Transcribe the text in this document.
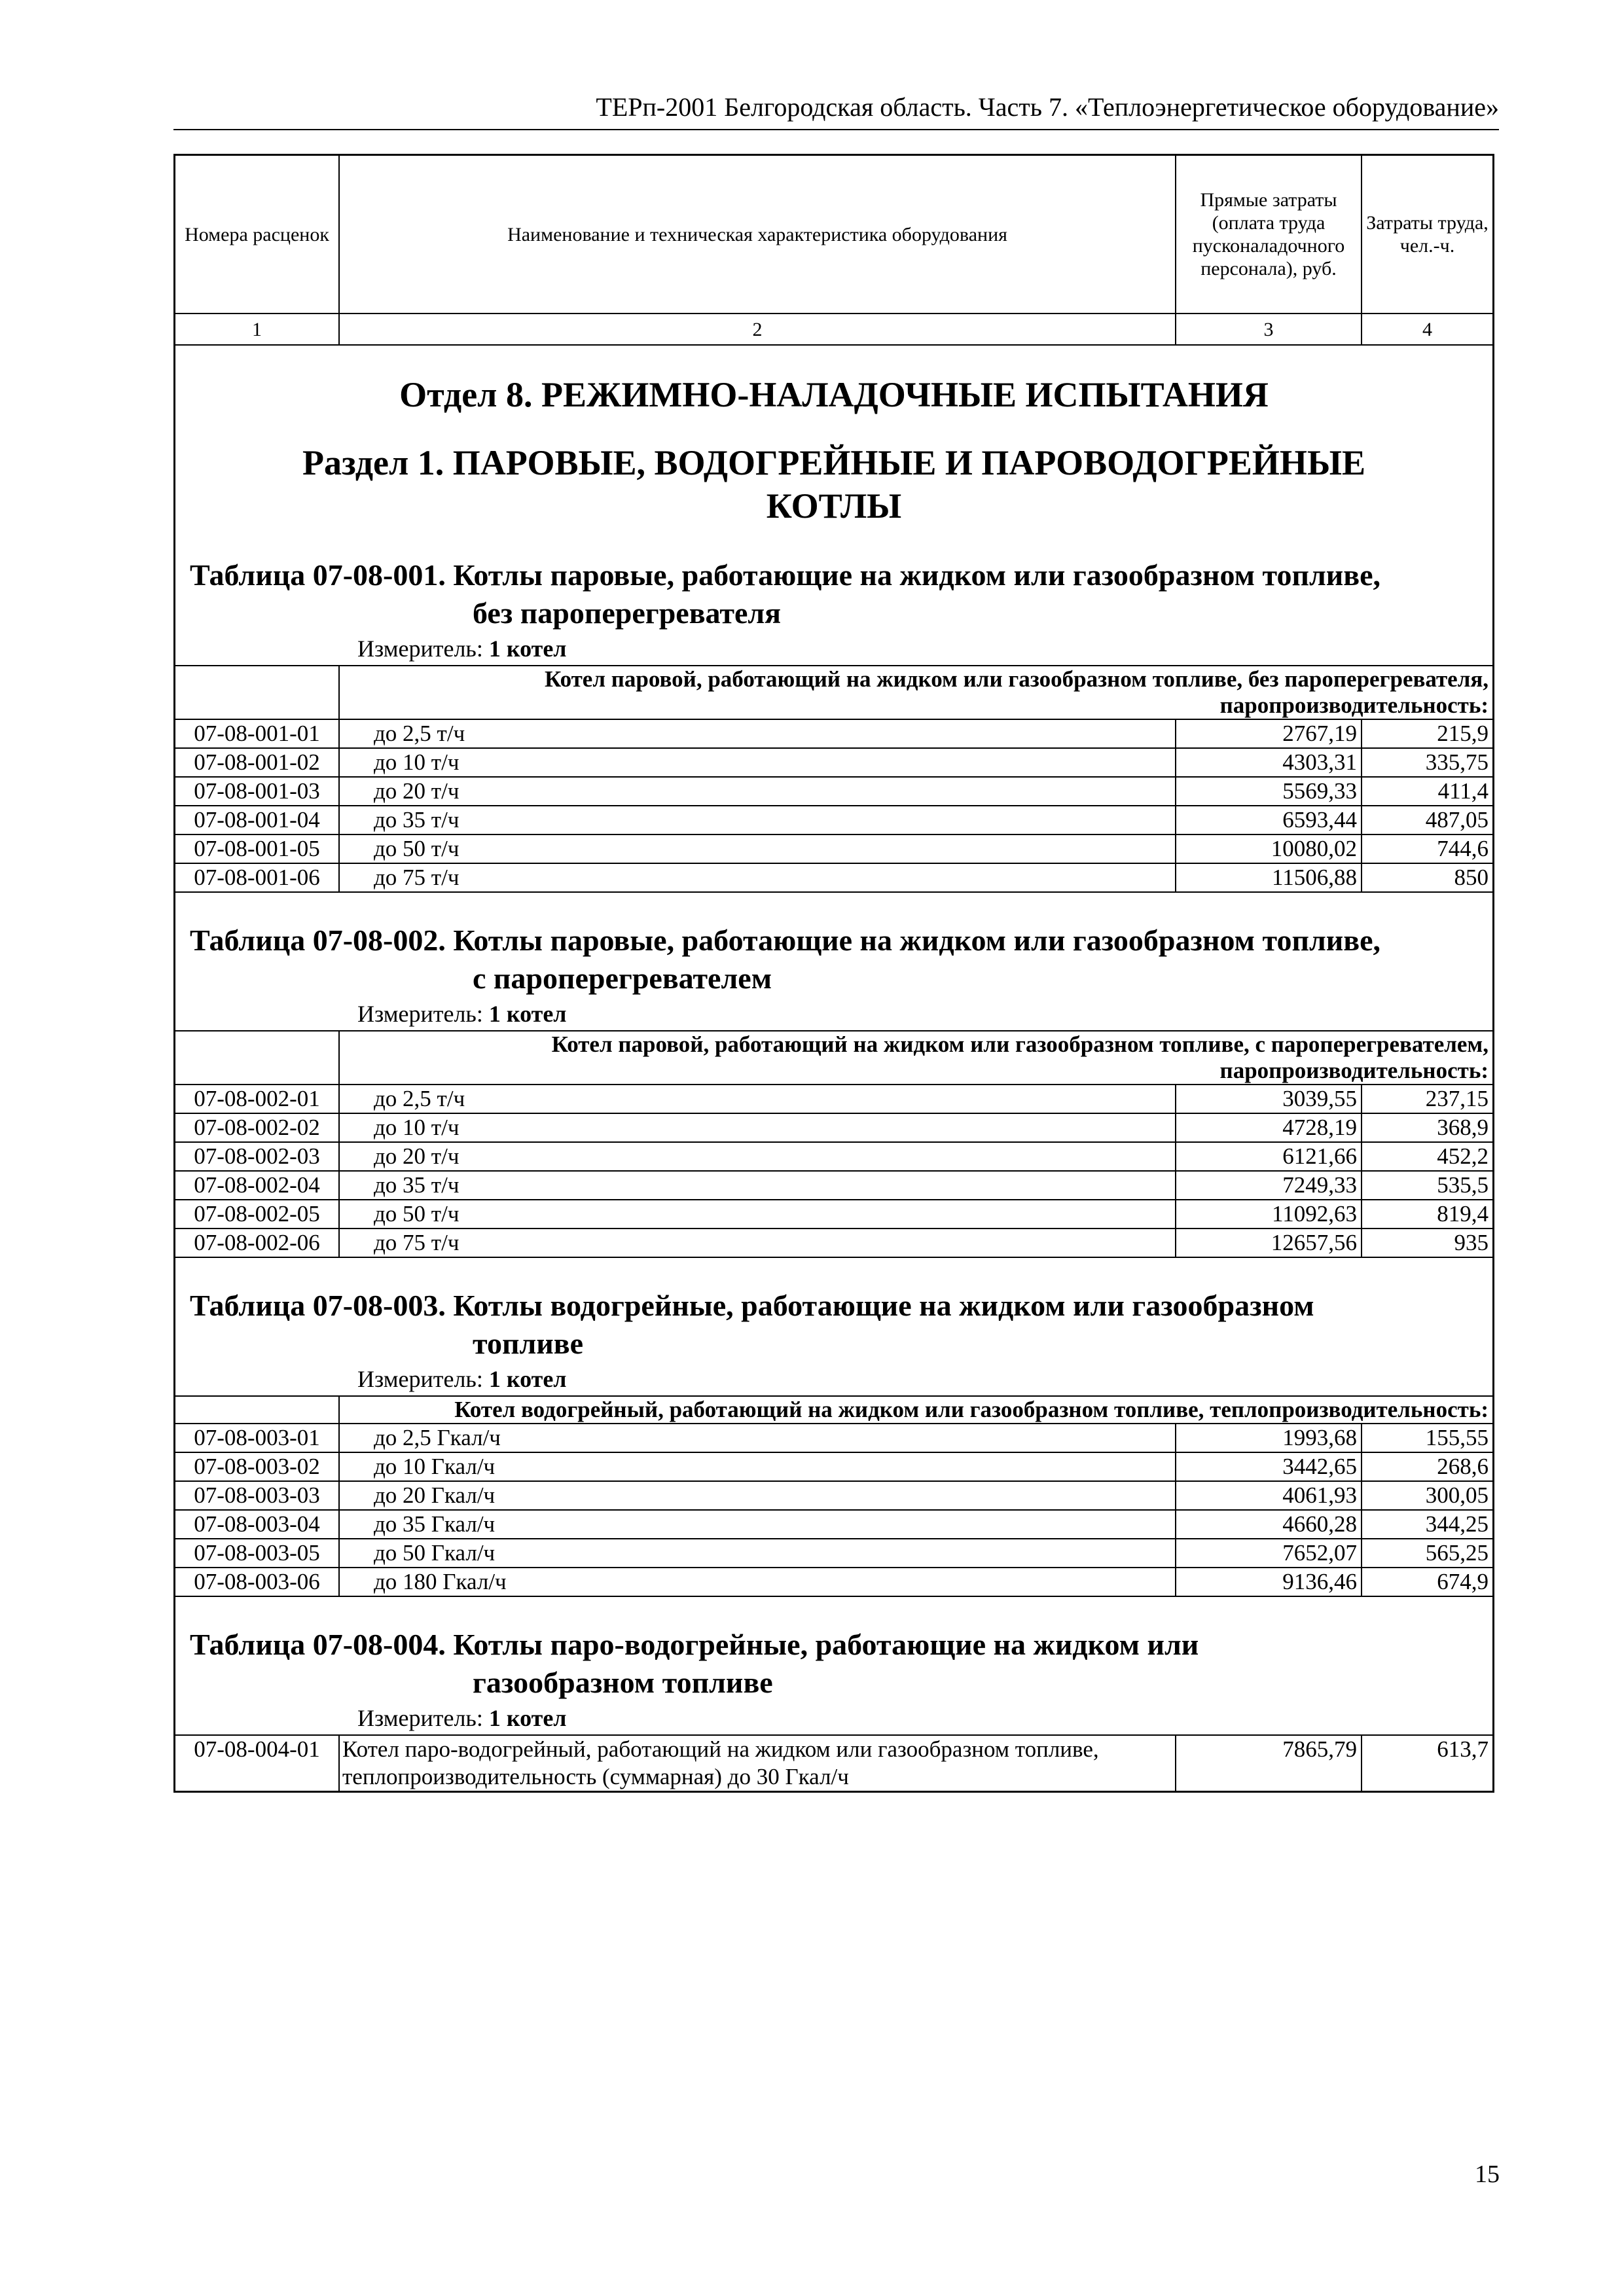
ТЕРп-2001 Белгородская область. Часть 7. «Теплоэнергетическое оборудование»
Номера расценок	Наименование и техническая характеристика оборудования	Прямые затраты (оплата труда пусконаладочного персонала), руб.	Затраты труда, чел.-ч.
1	2	3	4
Отдел 8. РЕЖИМНО-НАЛАДОЧНЫЕ ИСПЫТАНИЯ
Раздел 1. ПАРОВЫЕ, ВОДОГРЕЙНЫЕ И ПАРОВОДОГРЕЙНЫЕ КОТЛЫ
Таблица 07-08-001. Котлы паровые, работающие на жидком или газообразном топливе,
без пароперегревателя
Измеритель: 1 котел
	Котел паровой, работающий на жидком или газообразном топливе, без пароперегревателя, паропроизводительность:		
07-08-001-01	до 2,5 т/ч	2767,19	215,9
07-08-001-02	до 10 т/ч	4303,31	335,75
07-08-001-03	до 20 т/ч	5569,33	411,4
07-08-001-04	до 35 т/ч	6593,44	487,05
07-08-001-05	до 50 т/ч	10080,02	744,6
07-08-001-06	до 75 т/ч	11506,88	850
Таблица 07-08-002. Котлы паровые, работающие на жидком или газообразном топливе,
с пароперегревателем
Измеритель: 1 котел
	Котел паровой, работающий на жидком или газообразном топливе, с пароперегревателем, паропроизводительность:		
07-08-002-01	до 2,5 т/ч	3039,55	237,15
07-08-002-02	до 10 т/ч	4728,19	368,9
07-08-002-03	до 20 т/ч	6121,66	452,2
07-08-002-04	до 35 т/ч	7249,33	535,5
07-08-002-05	до 50 т/ч	11092,63	819,4
07-08-002-06	до 75 т/ч	12657,56	935
Таблица 07-08-003. Котлы водогрейные, работающие на жидком или газообразном
топливе
Измеритель: 1 котел
	Котел водогрейный, работающий на жидком или газообразном топливе, теплопроизводительность:		
07-08-003-01	до 2,5 Гкал/ч	1993,68	155,55
07-08-003-02	до 10 Гкал/ч	3442,65	268,6
07-08-003-03	до 20 Гкал/ч	4061,93	300,05
07-08-003-04	до 35 Гкал/ч	4660,28	344,25
07-08-003-05	до 50 Гкал/ч	7652,07	565,25
07-08-003-06	до 180 Гкал/ч	9136,46	674,9
Таблица 07-08-004. Котлы паро-водогрейные, работающие на жидком или
газообразном топливе
Измеритель: 1 котел
07-08-004-01	Котел паро-водогрейный, работающий на жидком или газообразном топливе, теплопроизводительность (суммарная) до 30 Гкал/ч	7865,79	613,7
15
